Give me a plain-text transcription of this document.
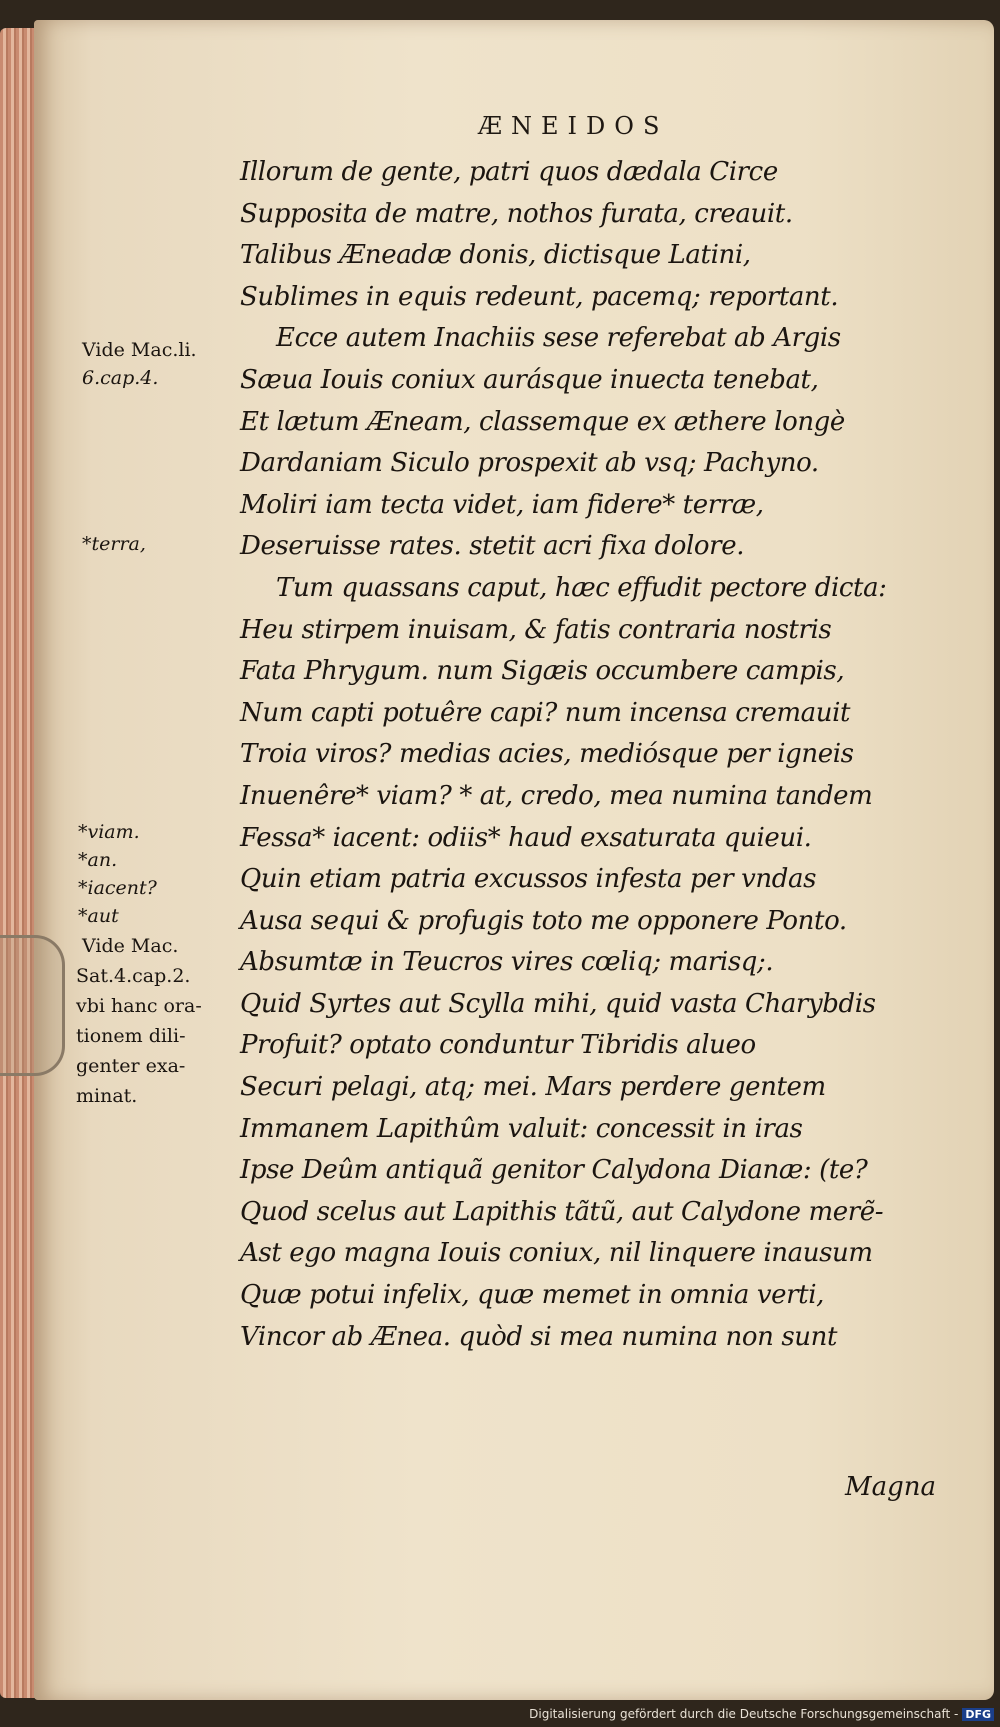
ÆNEIDOS
Vide Mac.li.
6.cap.4.
*terra,
*viam.
*an.
*iacent?
*aut
Vide Mac.
Sat.4.cap.2.
vbi hanc ora-
tionem dili-
genter exa-
minat.
Illorum de gente, patri quos dædala Circe
Supposita de matre, nothos furata, creauit.
Talibus Æneadæ donis, dictisque Latini,
Sublimes in equis redeunt, pacemq; reportant.
Ecce autem Inachiis sese referebat ab Argis
Sæua Iouis coniux aurásque inuecta tenebat,
Et lætum Æneam, classemque ex æthere longè
Dardaniam Siculo prospexit ab vsq; Pachyno.
Moliri iam tecta videt, iam fidere* terræ,
Deseruisse rates. stetit acri fixa dolore.
Tum quassans caput, hæc effudit pectore dicta:
Heu stirpem inuisam, & fatis contraria nostris
Fata Phrygum. num Sigæis occumbere campis,
Num capti potuêre capi? num incensa cremauit
Troia viros? medias acies, mediósque per igneis
Inuenêre* viam? * at, credo, mea numina tandem
Fessa* iacent: odiis* haud exsaturata quieui.
Quin etiam patria excussos infesta per vndas
Ausa sequi & profugis toto me opponere Ponto.
Absumtæ in Teucros vires cœliq; marisq;.
Quid Syrtes aut Scylla mihi, quid vasta Charybdis
Profuit? optato conduntur Tibridis alueo
Securi pelagi, atq; mei. Mars perdere gentem
Immanem Lapithûm valuit: concessit in iras
Ipse Deûm antiquã genitor Calydona Dianæ: (te?
Quod scelus aut Lapithis tãtũ, aut Calydone merẽ-
Ast ego magna Iouis coniux, nil linquere inausum
Quæ potui infelix, quæ memet in omnia verti,
Vincor ab Ænea. quòd si mea numina non sunt
Magna
Digitalisierung gefördert durch die Deutsche Forschungsgemeinschaft - DFG
